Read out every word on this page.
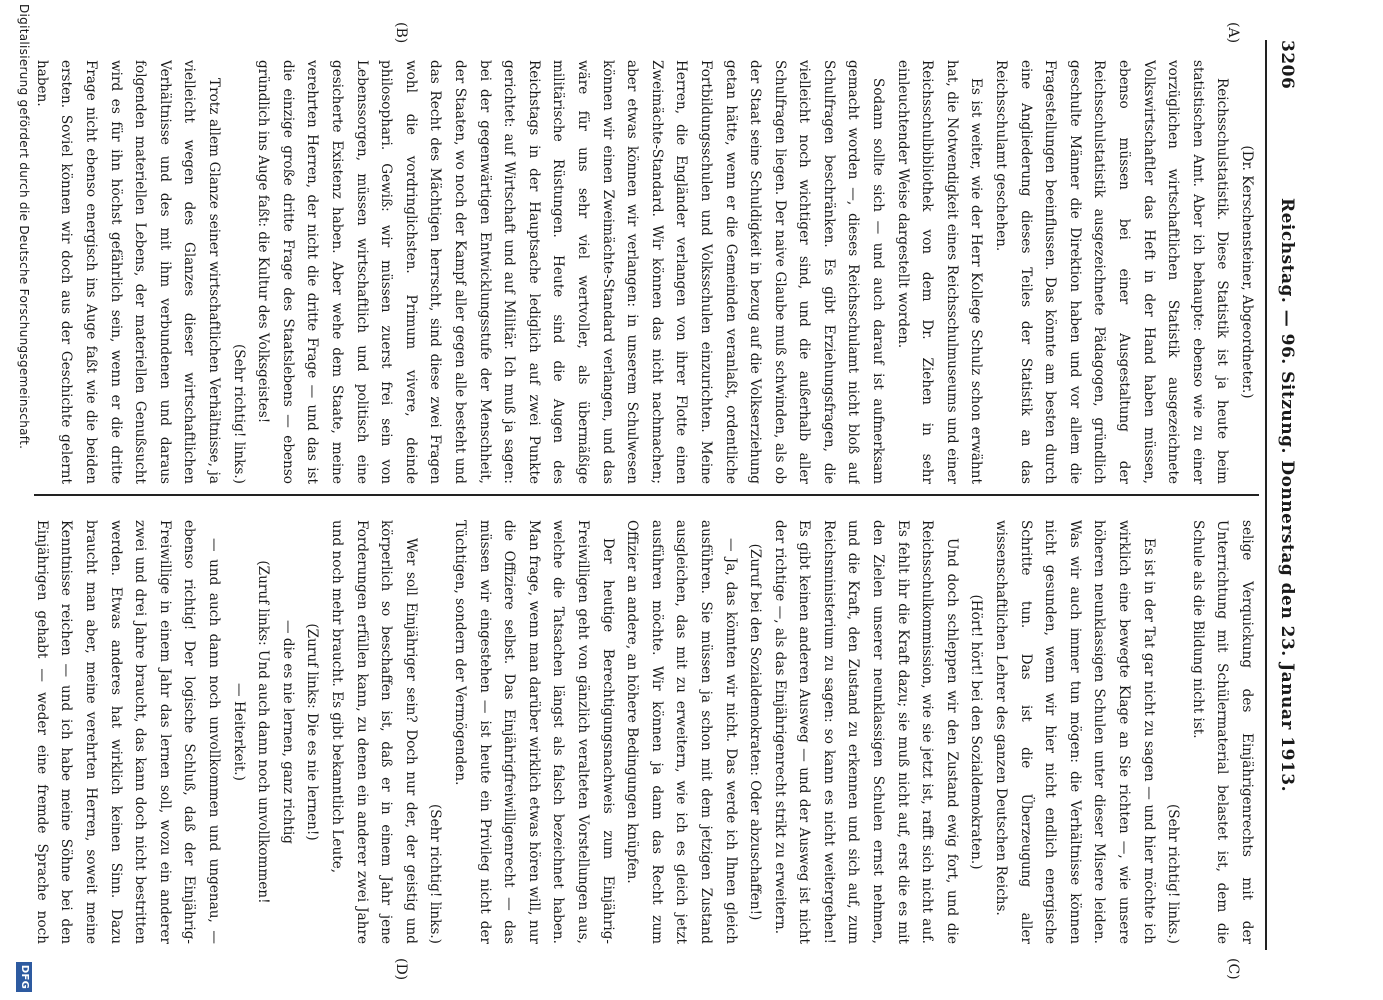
3206
Reichstag. — 96. Sitzung. Donnerstag den 23. Januar 1913.
(A)
(B)
(C)
(D)

(Dr. Kerschensteiner, Abgeordneter.)

Reichsschulstatistik. Diese Statistik ist ja heute beim statistischen Amt. Aber ich behaupte: ebenso wie zu einer vorzüglichen wirtschaftlichen Statistik ausgezeichnete Volkswirtschaftler das Heft in der Hand haben müssen, ebenso müssen bei einer Ausgestaltung der Reichsschulstatistik ausgezeichnete Pädagogen, gründlich geschulte Männer die Direktion haben und vor allem die Fragestellungen beeinflussen. Das könnte am besten durch eine Angliederung dieses Teiles der Statistik an das Reichsschulamt geschehen.

Es ist weiter, wie der Herr Kollege Schulz schon erwähnt hat, die Notwendigkeit eines Reichsschulmuseums und einer Reichsschulbibliothek von dem Dr. Ziehen in sehr einleuchtender Weise dargestellt worden.

Sodann sollte sich — und auch darauf ist aufmerksam gemacht worden —, dieses Reichsschulamt nicht bloß auf Schulfragen beschränken. Es gibt Erziehungsfragen, die vielleicht noch wichtiger sind, und die außerhalb aller Schulfragen liegen. Der naive Glaube muß schwinden, als ob der Staat seine Schuldigkeit in bezug auf die Volkserziehung getan hätte, wenn er die Gemeinden veranlaßt, ordentliche Fortbildungsschulen und Volksschulen einzurichten. Meine Herren, die Engländer verlangen von ihrer Flotte einen Zweimächte-Standard. Wir können das nicht nachmachen; aber etwas können wir verlangen: in unserem Schulwesen können wir einen Zweimächte-Standard verlangen, und das wäre für uns sehr viel wertvoller, als übermäßige militärische Rüstungen. Heute sind die Augen des Reichstags in der Hauptsache lediglich auf zwei Punkte gerichtet: auf Wirtschaft und auf Militär. Ich muß ja sagen: bei der gegenwärtigen Entwicklungsstufe der Menschheit, der Staaten, wo noch der Kampf aller gegen alle besteht und das Recht des Mächtigen herrscht, sind diese zwei Fragen wohl die vordringlichsten. Primum vivere, deinde philosophari. Gewiß: wir müssen zuerst frei sein von Lebenssorgen, müssen wirtschaftlich und politisch eine gesicherte Existenz haben. Aber wehe dem Staate, meine verehrten Herren, der nicht die dritte Frage — und das ist die einzige große dritte Frage des Staatslebens — ebenso gründlich ins Auge faßt: die Kultur des Volksgeistes!

(Sehr richtig! links.)

Trotz allem Glanze seiner wirtschaftlichen Verhältnisse, ja vielleicht wegen des Glanzes dieser wirtschaftlichen Verhältnisse und des mit ihm verbundenen und daraus folgenden materiellen Lebens, der materiellen Genußsucht wird es für ihn höchst gefährlich sein, wenn er die dritte Frage nicht ebenso energisch ins Auge faßt wie die beiden ersten. Soviel können wir doch aus der Geschichte gelernt haben.

selige Verquickung des Einjährigenrechts mit der Unterrichtung mit Schülermaterial belastet ist, dem die Schule als die Bildung nicht ist.

(Sehr richtig! links.)

Es ist in der Tat gar nicht zu sagen — und hier möchte ich wirklich eine bewegte Klage an Sie richten —, wie unsere höheren neunklassigen Schulen unter dieser Misere leiden. Was wir auch immer tun mögen: die Verhältnisse können nicht gesunden, wenn wir hier nicht endlich energische Schritte tun. Das ist die Überzeugung aller wissenschaftlichen Lehrer des ganzen Deutschen Reichs.

(Hört! hört! bei den Sozialdemokraten.)

Und doch schleppen wir den Zustand ewig fort, und die Reichsschulkommission, wie sie jetzt ist, rafft sich nicht auf. Es fehlt ihr die Kraft dazu; sie muß nicht auf, erst die es mit den Zielen unserer neunklassigen Schulen ernst nehmen, und die Kraft, den Zustand zu erkennen und sich auf, zum Reichsministerium zu sagen: so kann es nicht weitergehen! Es gibt keinen anderen Ausweg — und der Ausweg ist nicht der richtige —, als das Einjährigenrecht strikt zu erweitern.

(Zuruf bei den Sozialdemokraten: Oder abzuschaffen!)

— Ja, das könnten wir nicht. Das werde ich Ihnen gleich ausführen. Sie müssen ja schon mit dem jetzigen Zustand ausgleichen, das mit zu erweitern, wie ich es gleich jetzt ausführen möchte. Wir können ja dann das Recht zum Offizier an andere, an höhere Bedingungen knüpfen.

Der heutige Berechtigungsnachweis zum Einjährig-Freiwilligen geht von gänzlich veralteten Vorstellungen aus, welche die Tatsachen längst als falsch bezeichnet haben. Man frage, wenn man darüber wirklich etwas hören will, nur die Offiziere selbst. Das Einjährigfreiwilligenrecht — das müssen wir eingestehen — ist heute ein Privileg nicht der Tüchtigen, sondern der Vermögenden.

(Sehr richtig! links.)

Wer soll Einjähriger sein? Doch nur der, der geistig und körperlich so beschaffen ist, daß er in einem Jahr jene Forderungen erfüllen kann, zu denen ein anderer zwei Jahre und noch mehr braucht. Es gibt bekanntlich Leute,

(Zuruf links: Die es nie lernen!)

— die es nie lernen, ganz richtig

(Zuruf links: Und auch dann noch unvollkommen!

— Heiterkeit.)

— und auch dann noch unvollkommen und ungenau, — ebenso richtig! Der logische Schluß, daß der Einjährig-Freiwillige in einem Jahr das lernen soll, wozu ein anderer zwei und drei Jahre braucht, das kann doch nicht bestritten werden. Etwas anderes hat wirklich keinen Sinn. Dazu braucht man aber, meine verehrten Herren, soweit meine Kenntnisse reichen — und ich habe meine Söhne bei den Einjährigen gehabt — weder eine fremde Sprache noch

Digitalisierung gefördert durch die Deutsche Forschungsgemeinschaft.
DFG
